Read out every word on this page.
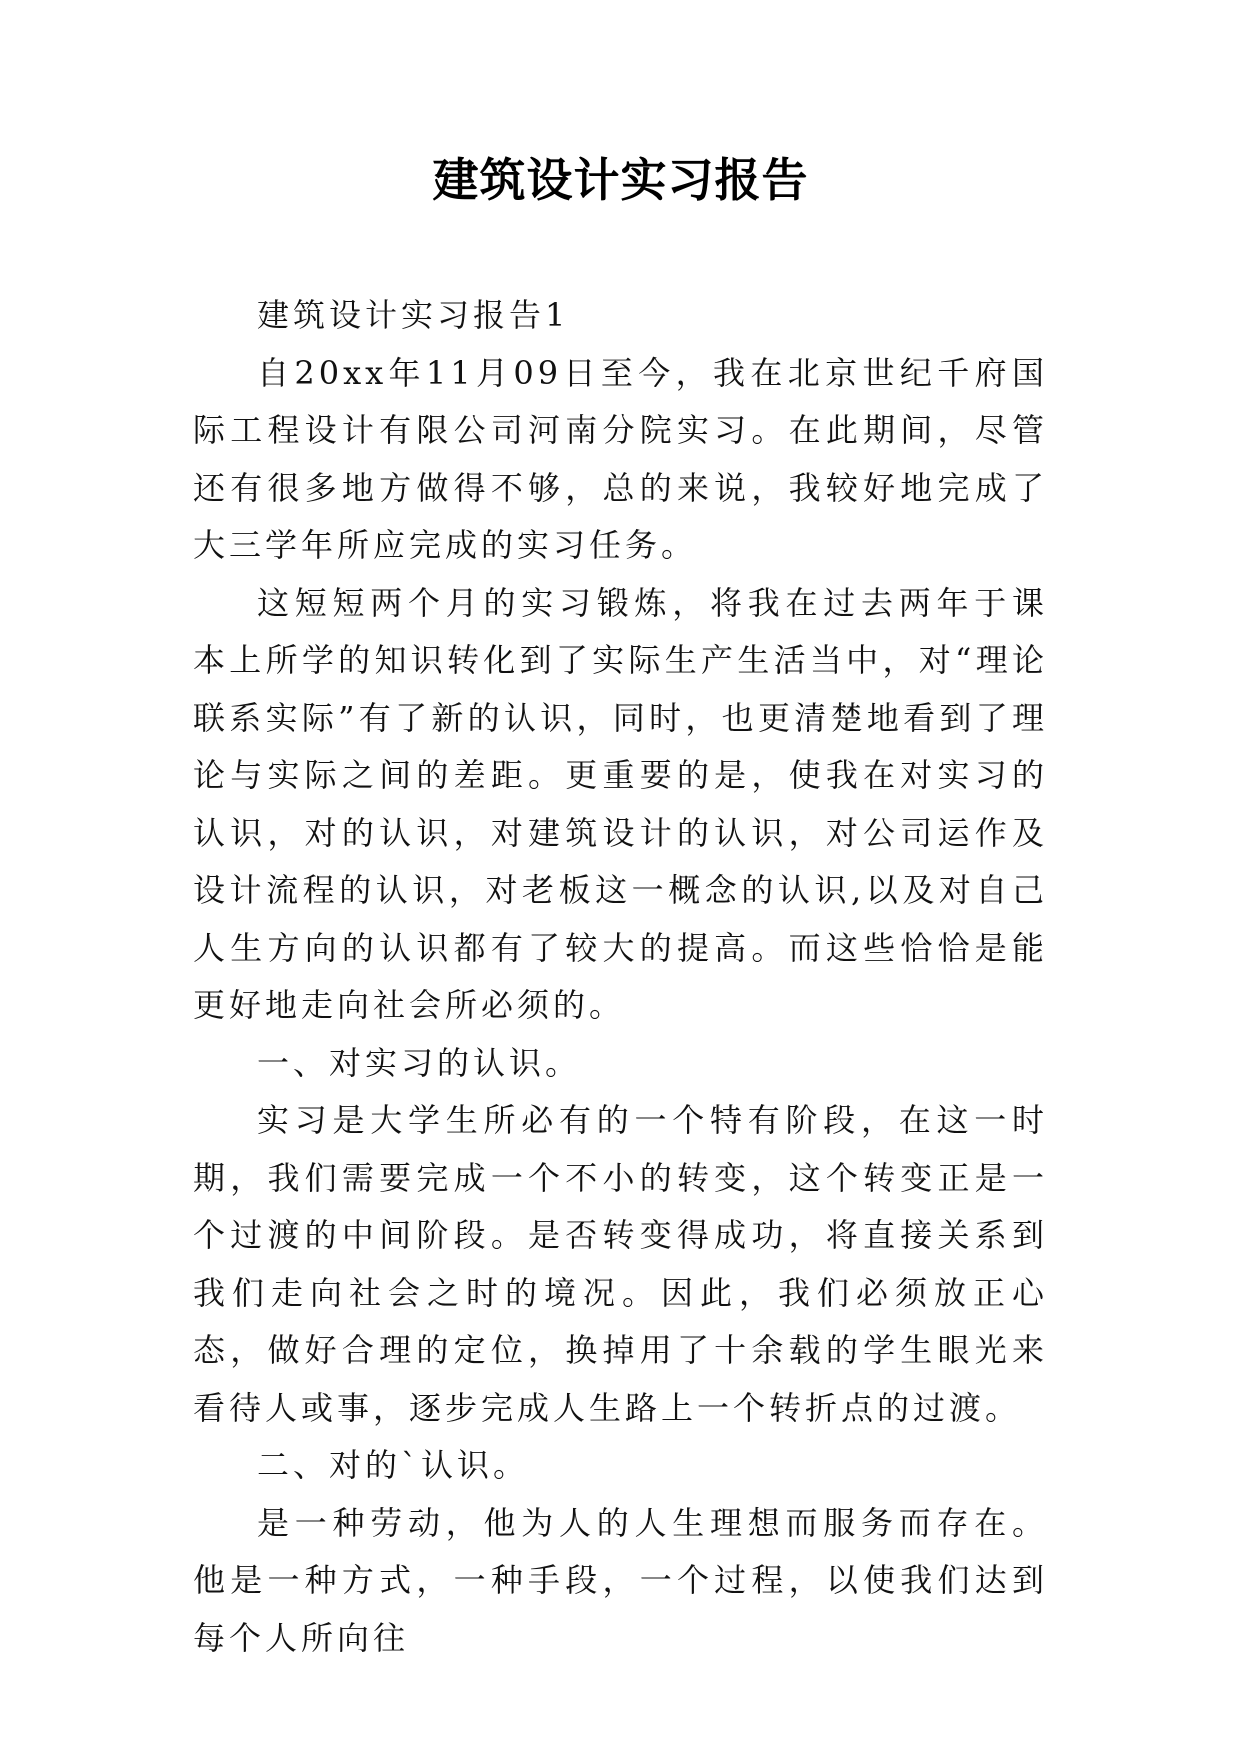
建筑设计实习报告

建筑设计实习报告1

自20xx年11月09日至今，我在北京世纪千府国际工程设计有限公司河南分院实习。在此期间，尽管还有很多地方做得不够，总的来说，我较好地完成了大三学年所应完成的实习任务。

这短短两个月的实习锻炼，将我在过去两年于课本上所学的知识转化到了实际生产生活当中，对“理论联系实际”有了新的认识，同时，也更清楚地看到了理论与实际之间的差距。更重要的是，使我在对实习的认识，对的认识，对建筑设计的认识，对公司运作及设计流程的认识，对老板这一概念的认识,以及对自己人生方向的认识都有了较大的提高。而这些恰恰是能更好地走向社会所必须的。

一、对实习的认识。

实习是大学生所必有的一个特有阶段，在这一时期，我们需要完成一个不小的转变，这个转变正是一个过渡的中间阶段。是否转变得成功，将直接关系到我们走向社会之时的境况。因此，我们必须放正心态，做好合理的定位，换掉用了十余载的学生眼光来看待人或事，逐步完成人生路上一个转折点的过渡。

二、对的`认识。

是一种劳动，他为人的人生理想而服务而存在。他是一种方式，一种手段，一个过程，以使我们达到每个人所向往
